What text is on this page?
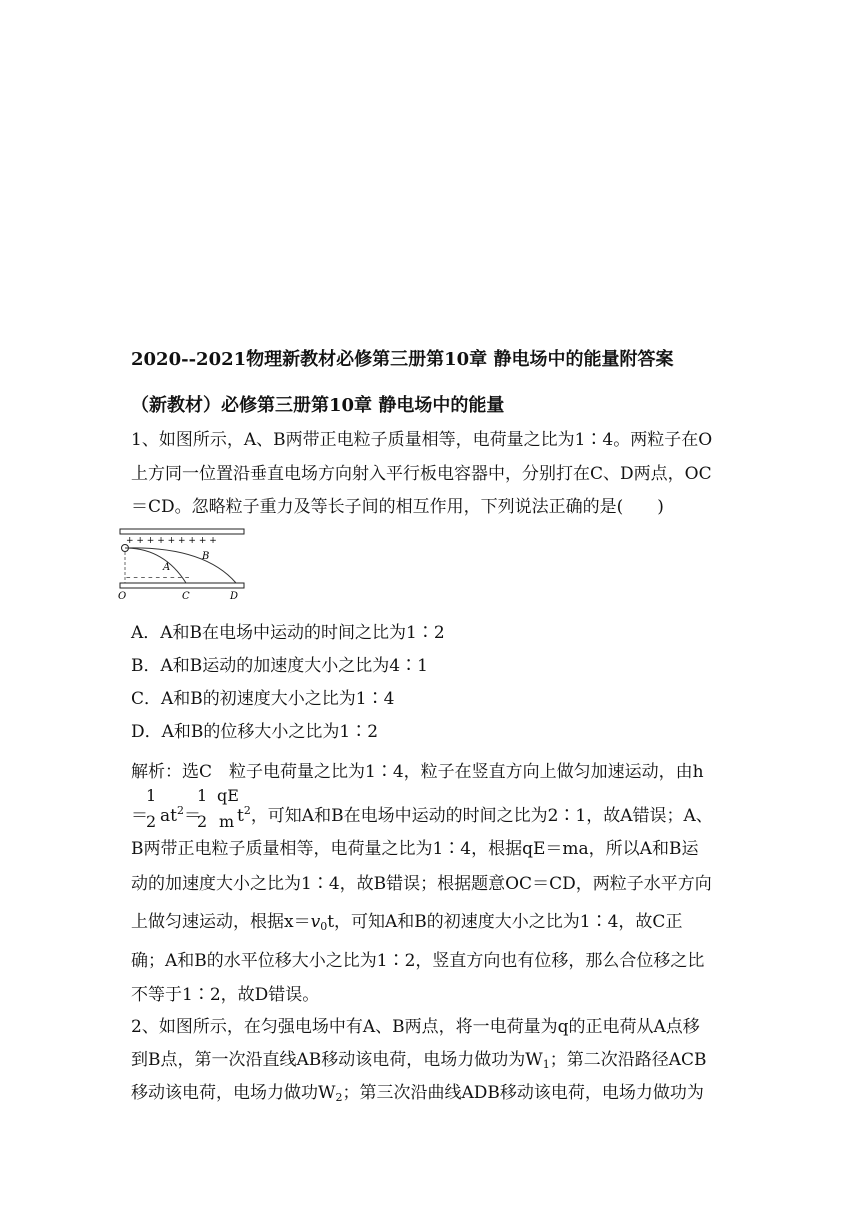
2020--2021物理新教材必修第三册第10章 静电场中的能量附答案
（新教材）必修第三册第10章 静电场中的能量
1、如图所示，A、B两带正电粒子质量相等，电荷量之比为1∶4。两粒子在O
上方同一位置沿垂直电场方向射入平行板电容器中，分别打在C、D两点，OC
＝CD。忽略粒子重力及等长子间的相互作用，下列说法正确的是(　　)
+ + + + + + + + +
– – – – – – – – –
B
A
O	C	D
A．A和B在电场中运动的时间之比为1∶2
B．A和B运动的加速度大小之比为4∶1
C．A和B的初速度大小之比为1∶4
D．A和B的位移大小之比为1∶2
解析：选C　粒子电荷量之比为1∶4，粒子在竖直方向上做匀加速运动，由h
1
2
1
2
qE
m
＝ $at^2= t^2$，可知A和B在电场中运动的时间之比为2∶1，故A错误；A、
B两带正电粒子质量相等，电荷量之比为1∶4，根据qE＝ma，所以A和B运
动的加速度大小之比为1∶4，故B错误；根据题意OC＝CD，两粒子水平方向
上做匀速运动，根据$x=v_0t$，可知A和B的初速度大小之比为1∶4，故C正
确；A和B的水平位移大小之比为1∶2，竖直方向也有位移，那么合位移之比
不等于1∶2，故D错误。
2、如图所示，在匀强电场中有A、B两点，将一电荷量为q的正电荷从A点移
到B点，第一次沿直线AB移动该电荷，电场力做功为$W_1$；第二次沿路径ACB
移动该电荷，电场力做功$W_2$；第三次沿曲线ADB移动该电荷，电场力做功为
